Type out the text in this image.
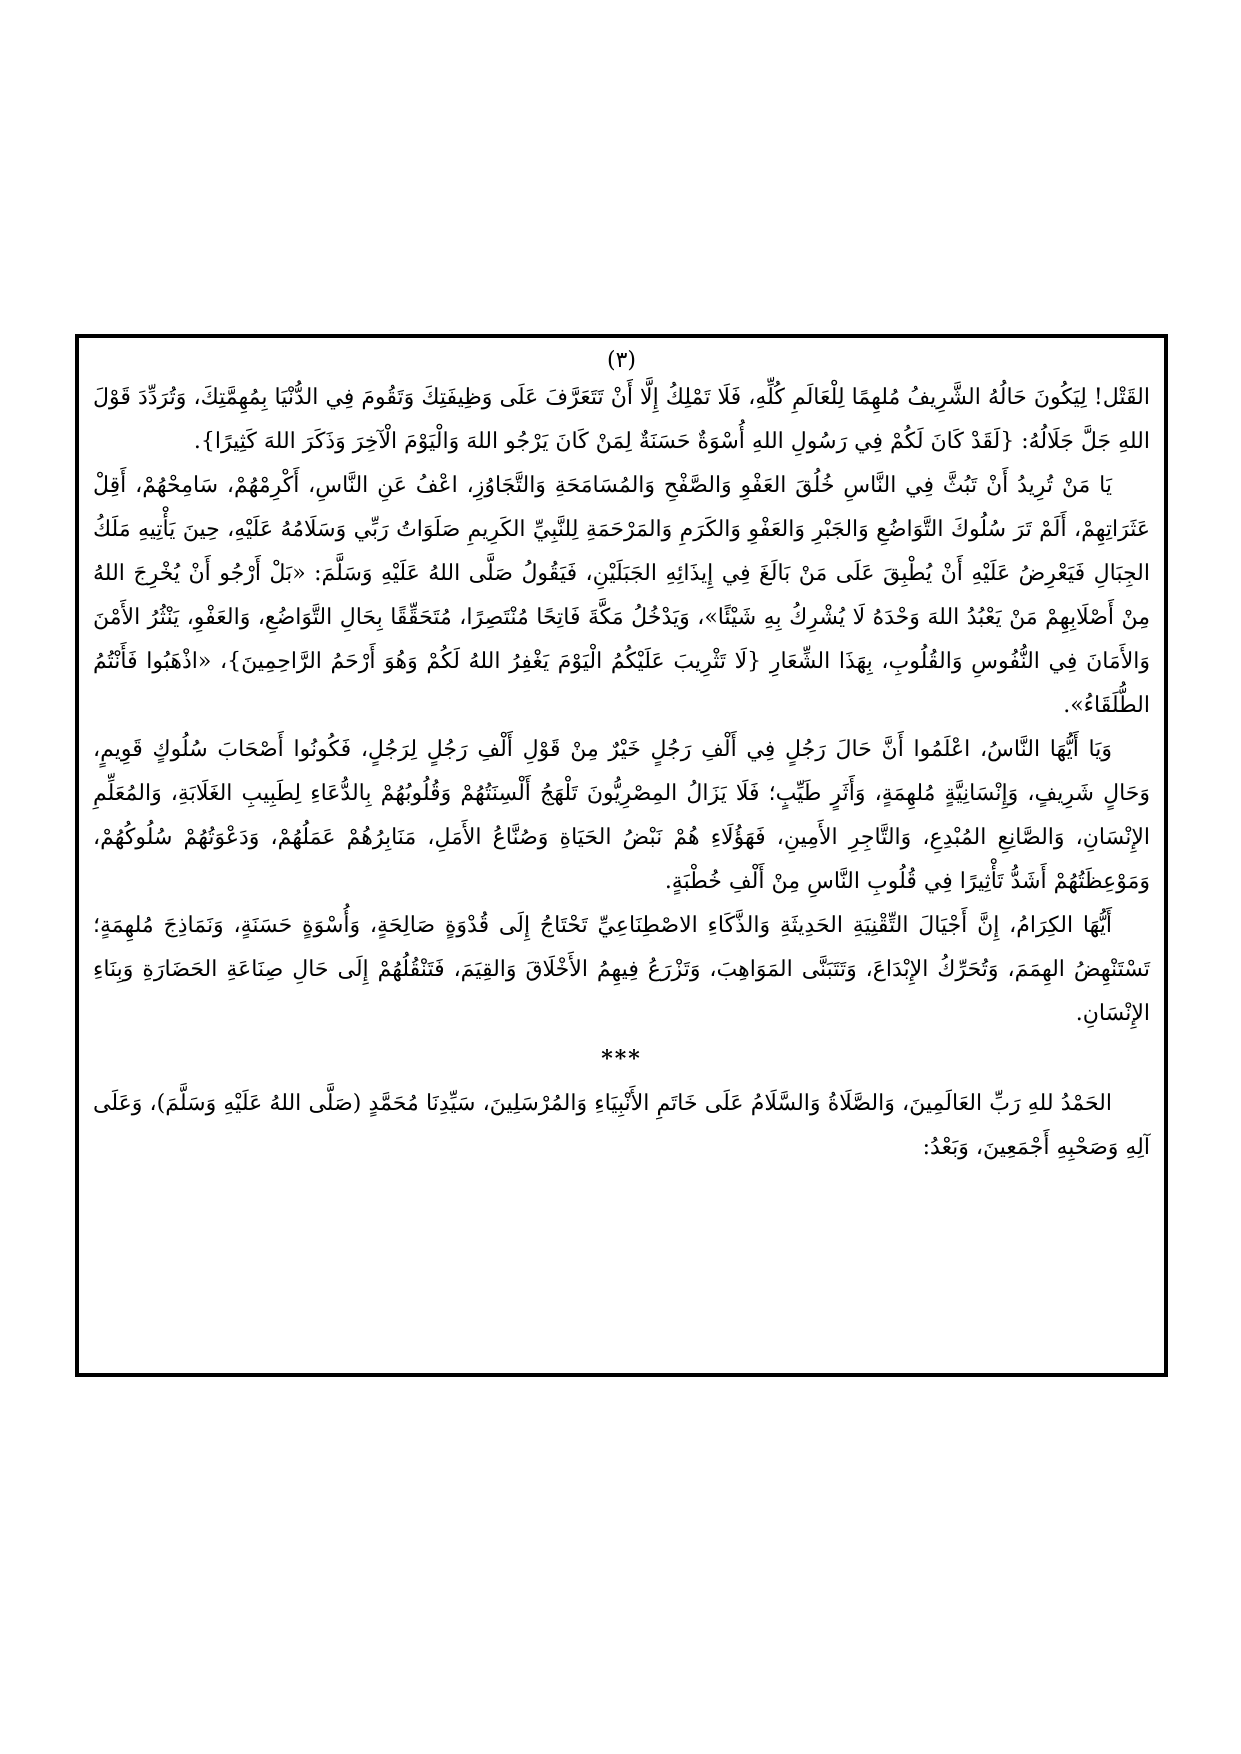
(٣)

القَتْل! لِيَكُونَ حَالُهُ الشَّرِيفُ مُلهِمًا لِلْعَالَمِ كُلِّهِ، فَلَا تَمْلِكُ إِلَّا أَنْ تَتَعَرَّفَ عَلَى وَظِيفَتِكَ وَتَقُومَ فِي الدُّنْيَا بِمُهِمَّتِكَ، وَتُرَدِّدَ قَوْلَ اللهِ جَلَّ جَلَالُهُ: {لَقَدْ كَانَ لَكُمْ فِي رَسُولِ اللهِ أُسْوَةٌ حَسَنَةٌ لِمَنْ كَانَ يَرْجُو اللهَ وَالْيَوْمَ الْآخِرَ وَذَكَرَ اللهَ كَثِيرًا}.

يَا مَنْ تُرِيدُ أَنْ تَبُثَّ فِي النَّاسِ خُلُقَ العَفْوِ وَالصَّفْحِ وَالمُسَامَحَةِ وَالتَّجَاوُزِ، اعْفُ عَنِ النَّاسِ، أَكْرِمْهُمْ، سَامِحْهُمْ، أَقِلْ عَثَرَاتِهِمْ، أَلَمْ تَرَ سُلُوكَ التَّوَاضُعِ وَالجَبْرِ وَالعَفْوِ وَالكَرَمِ وَالمَرْحَمَةِ لِلنَّبِيِّ الكَرِيمِ صَلَوَاتُ رَبِّي وَسَلَامُهُ عَلَيْهِ، حِينَ يَأْتِيهِ مَلَكُ الجِبَالِ فَيَعْرِضُ عَلَيْهِ أَنْ يُطْبِقَ عَلَى مَنْ بَالَغَ فِي إِيذَائِهِ الجَبَلَيْنِ، فَيَقُولُ صَلَّى اللهُ عَلَيْهِ وَسَلَّمَ: «بَلْ أَرْجُو أَنْ يُخْرِجَ اللهُ مِنْ أَصْلَابِهِمْ مَنْ يَعْبُدُ اللهَ وَحْدَهُ لَا يُشْرِكُ بِهِ شَيْئًا»، وَيَدْخُلُ مَكَّةَ فَاتِحًا مُنْتَصِرًا، مُتَحَقِّقًا بِحَالِ التَّوَاضُعِ، وَالعَفْوِ، يَنْثُرُ الأَمْنَ وَالأَمَانَ فِي النُّفُوسِ وَالقُلُوبِ، بِهَذَا الشِّعَارِ {لَا تَثْرِيبَ عَلَيْكُمُ الْيَوْمَ يَغْفِرُ اللهُ لَكُمْ وَهُوَ أَرْحَمُ الرَّاحِمِينَ}، «اذْهَبُوا فَأَنْتُمُ الطُّلَقَاءُ».

وَيَا أَيُّهَا النَّاسُ، اعْلَمُوا أَنَّ حَالَ رَجُلٍ فِي أَلْفِ رَجُلٍ خَيْرٌ مِنْ قَوْلِ أَلْفِ رَجُلٍ لِرَجُلٍ، فَكُونُوا أَصْحَابَ سُلُوكٍ قَوِيمٍ، وَحَالٍ شَرِيفٍ، وَإِنْسَانِيَّةٍ مُلهِمَةٍ، وَأَثَرٍ طَيِّبٍ؛ فَلَا يَزَالُ المِصْرِيُّونَ تَلْهَجُ أَلْسِنَتُهُمْ وَقُلُوبُهُمْ بِالدُّعَاءِ لِطَبِيبِ الغَلَابَةِ، وَالمُعَلِّمِ الإِنْسَانِ، وَالصَّانِعِ المُبْدِعِ، وَالتَّاجِرِ الأَمِينِ، فَهَؤُلَاءِ هُمْ نَبْضُ الحَيَاةِ وَصُنَّاعُ الأَمَلِ، مَنَابِرُهُمْ عَمَلُهُمْ، وَدَعْوَتُهُمْ سُلُوكُهُمْ، وَمَوْعِظَتُهُمْ أَشَدُّ تَأْثِيرًا فِي قُلُوبِ النَّاسِ مِنْ أَلْفِ خُطْبَةٍ.

أَيُّهَا الكِرَامُ، إِنَّ أَجْيَالَ التِّقْنِيَةِ الحَدِيثَةِ وَالذَّكَاءِ الاصْطِنَاعِيِّ تَحْتَاجُ إِلَى قُدْوَةٍ صَالِحَةٍ، وَأُسْوَةٍ حَسَنَةٍ، وَنَمَاذِجَ مُلهِمَةٍ؛ تَسْتَنْهِضُ الهِمَمَ، وَتُحَرِّكُ الإِبْدَاعَ، وَتَتَبَنَّى المَوَاهِبَ، وَتَزْرَعُ فِيهِمُ الأَخْلَاقَ وَالقِيَمَ، فَتَنْقُلُهُمْ إِلَى حَالِ صِنَاعَةِ الحَضَارَةِ وَبِنَاءِ الإِنْسَانِ.

***

الحَمْدُ للهِ رَبِّ العَالَمِينَ، وَالصَّلَاةُ وَالسَّلَامُ عَلَى خَاتَمِ الأَنْبِيَاءِ وَالمُرْسَلِينَ، سَيِّدِنَا مُحَمَّدٍ (صَلَّى اللهُ عَلَيْهِ وَسَلَّمَ)، وَعَلَى آلِهِ وَصَحْبِهِ أَجْمَعِينَ، وَبَعْدُ:
